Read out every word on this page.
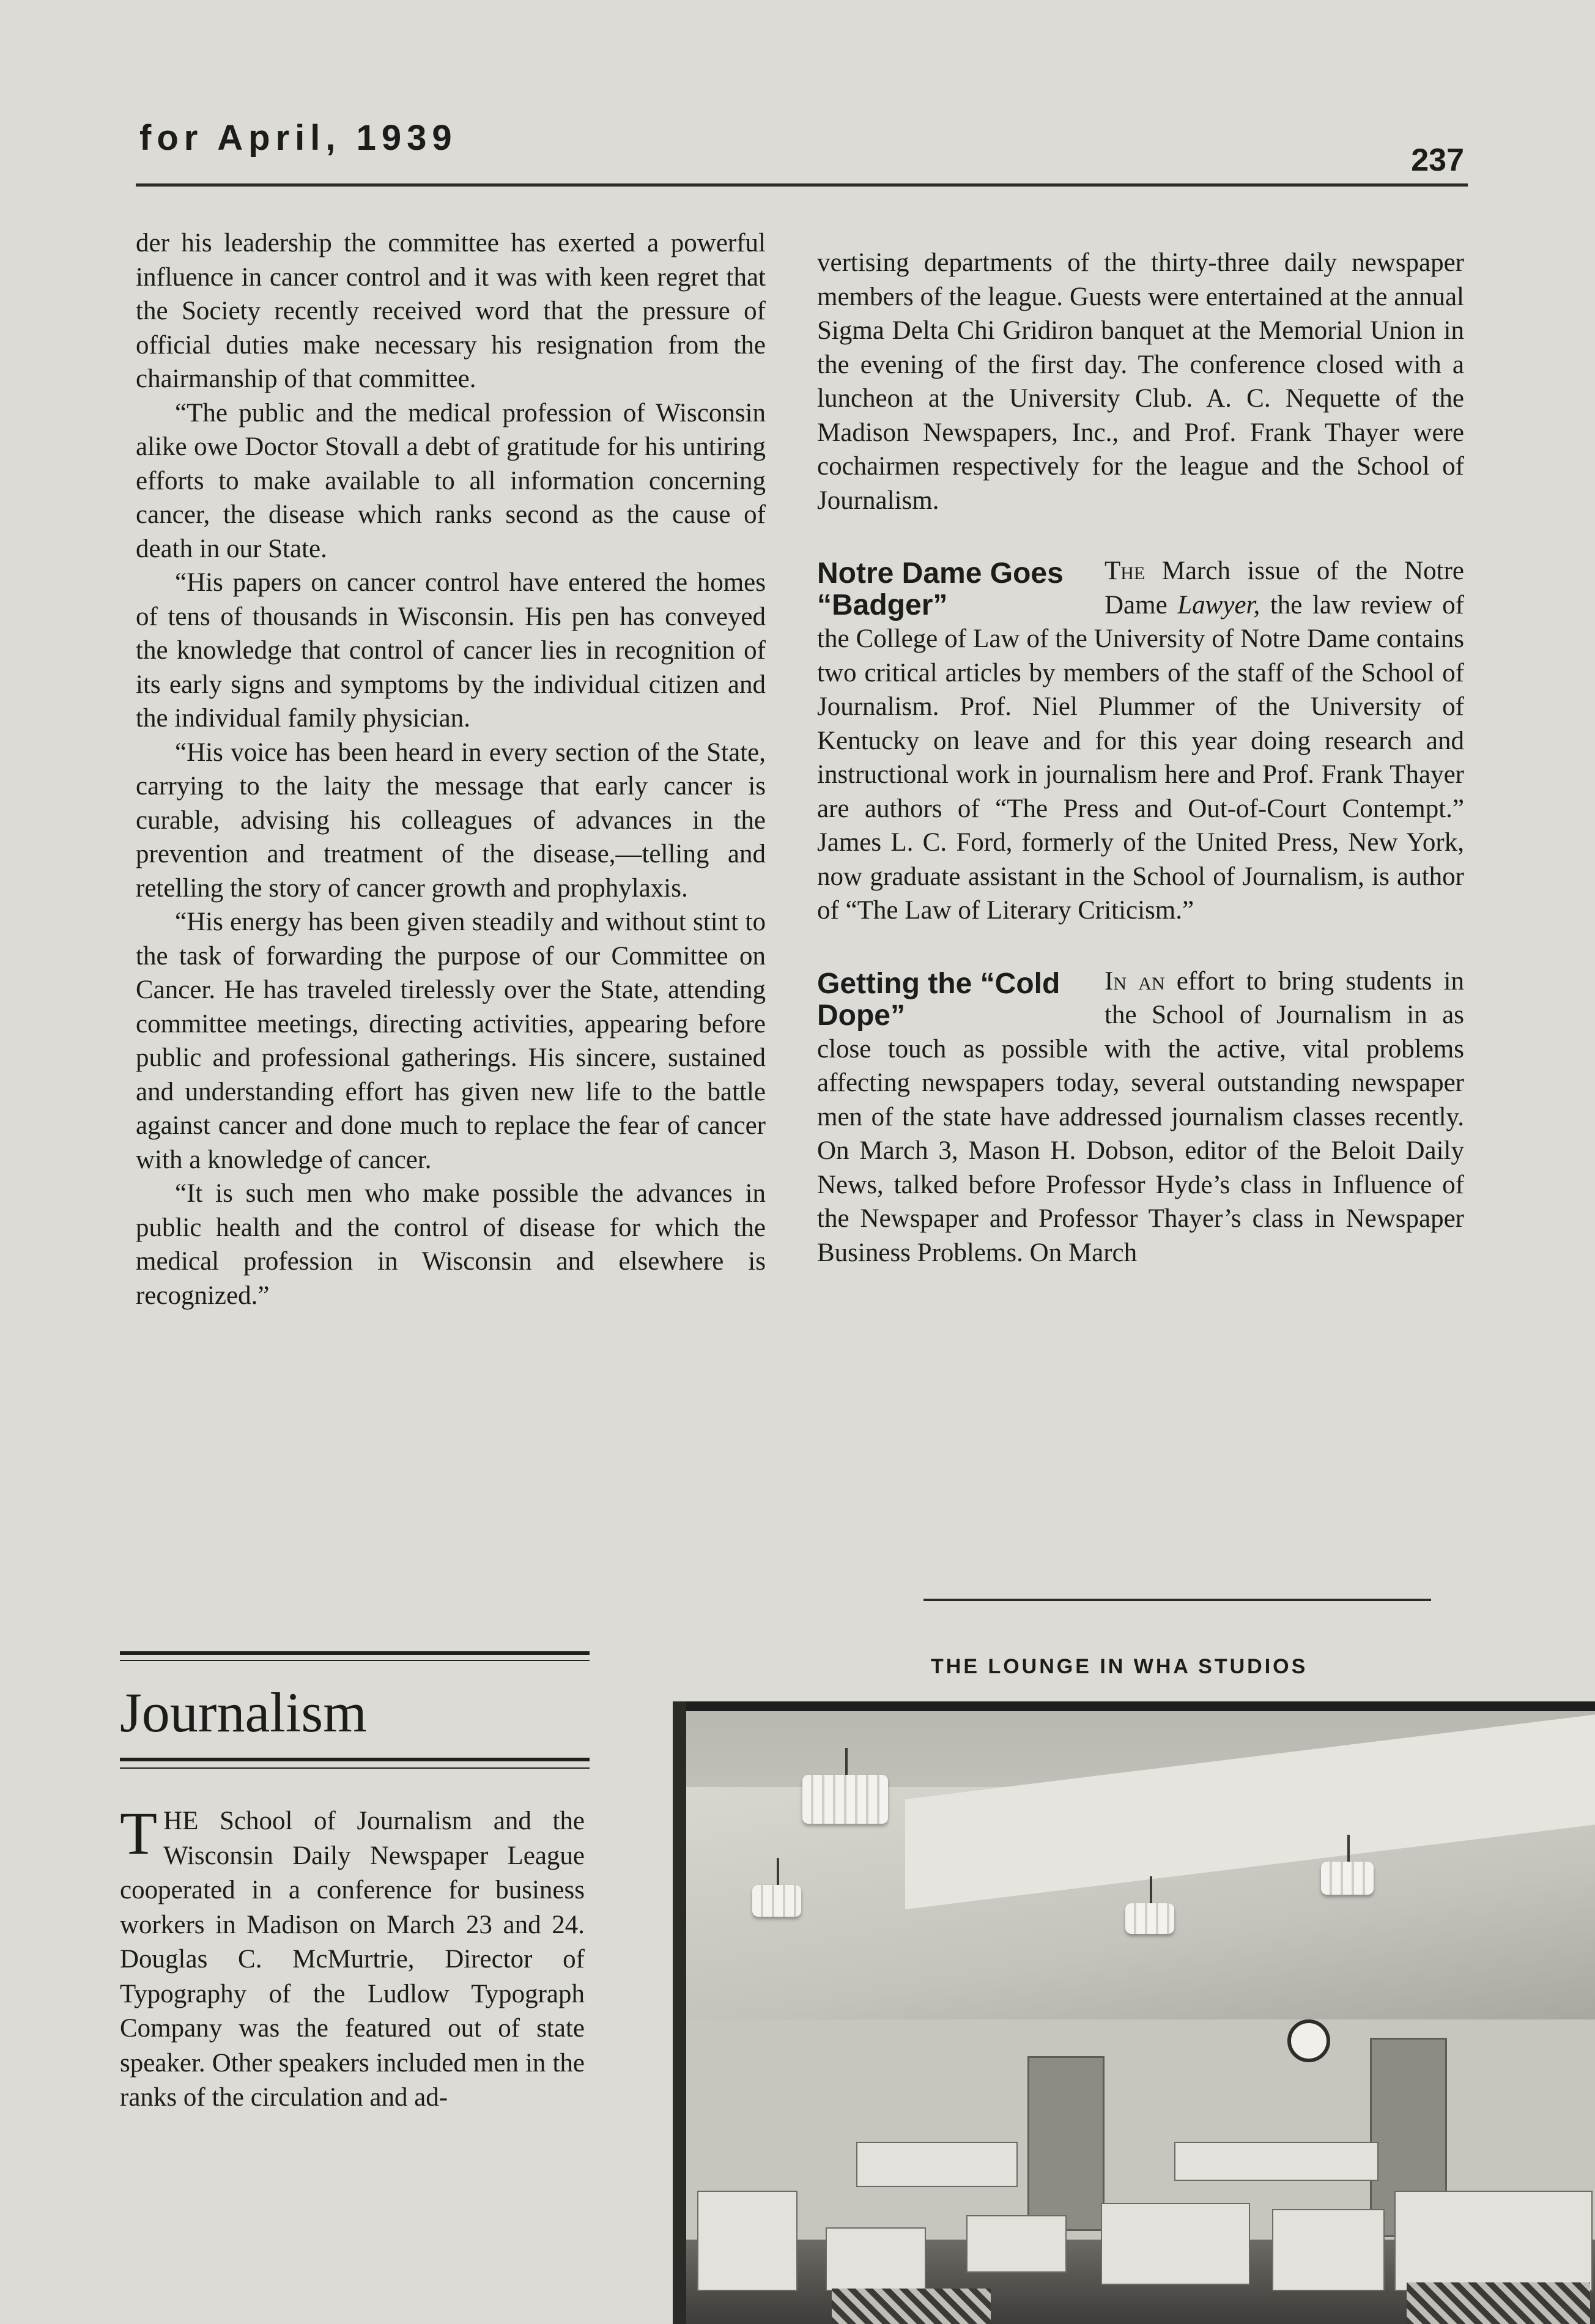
for April, 1939
237

der his leadership the committee has exerted a powerful influence in cancer control and it was with keen regret that the Society recently received word that the pressure of official duties make necessary his resignation from the chairmanship of that committee.

“The public and the medical profession of Wisconsin alike owe Doctor Stovall a debt of gratitude for his untiring efforts to make available to all information concerning cancer, the disease which ranks second as the cause of death in our State.

“His papers on cancer control have entered the homes of tens of thousands in Wisconsin. His pen has conveyed the knowledge that control of cancer lies in recognition of its early signs and symptoms by the individual citizen and the individual family physician.

“His voice has been heard in every section of the State, carrying to the laity the message that early cancer is curable, advising his colleagues of advances in the prevention and treatment of the disease,—telling and retelling the story of cancer growth and prophylaxis.

“His energy has been given steadily and without stint to the task of forwarding the purpose of our Committee on Cancer. He has traveled tirelessly over the State, attending committee meetings, directing activities, appearing before public and professional gatherings. His sincere, sustained and understanding effort has given new life to the battle against cancer and done much to replace the fear of cancer with a knowledge of cancer.

“It is such men who make possible the advances in public health and the control of disease for which the medical profession in Wisconsin and elsewhere is recognized.”

vertising departments of the thirty-three daily newspaper members of the league. Guests were entertained at the annual Sigma Delta Chi Gridiron banquet at the Memorial Union in the evening of the first day. The conference closed with a luncheon at the University Club. A. C. Nequette of the Madison Newspapers, Inc., and Prof. Frank Thayer were cochairmen respectively for the league and the School of Journalism.

Notre Dame Goes “Badger”

The March issue of the Notre Dame Lawyer, the law review of the College of Law of the University of Notre Dame contains two critical articles by members of the staff of the School of Journalism. Prof. Niel Plummer of the University of Kentucky on leave and for this year doing research and instructional work in journalism here and Prof. Frank Thayer are authors of “The Press and Out-of-Court Contempt.” James L. C. Ford, formerly of the United Press, New York, now graduate assistant in the School of Journalism, is author of “The Law of Literary Criticism.”

Getting the “Cold Dope”

In an effort to bring students in the School of Journalism in as close touch as possible with the active, vital problems affecting newspapers today, several outstanding newspaper men of the state have addressed journalism classes recently. On March 3, Mason H. Dobson, editor of the Beloit Daily News, talked before Professor Hyde’s class in Influence of the Newspaper and Professor Thayer’s class in Newspaper Business Problems. On March

THE LOUNGE IN WHA STUDIOS
Journalism
THE School of Journalism and the Wisconsin Daily Newspaper League cooperated in a conference for business workers in Madison on March 23 and 24. Douglas C. McMurtrie, Director of Typography of the Ludlow Typograph Company was the featured out of state speaker. Other speakers included men in the ranks of the circulation and ad-
